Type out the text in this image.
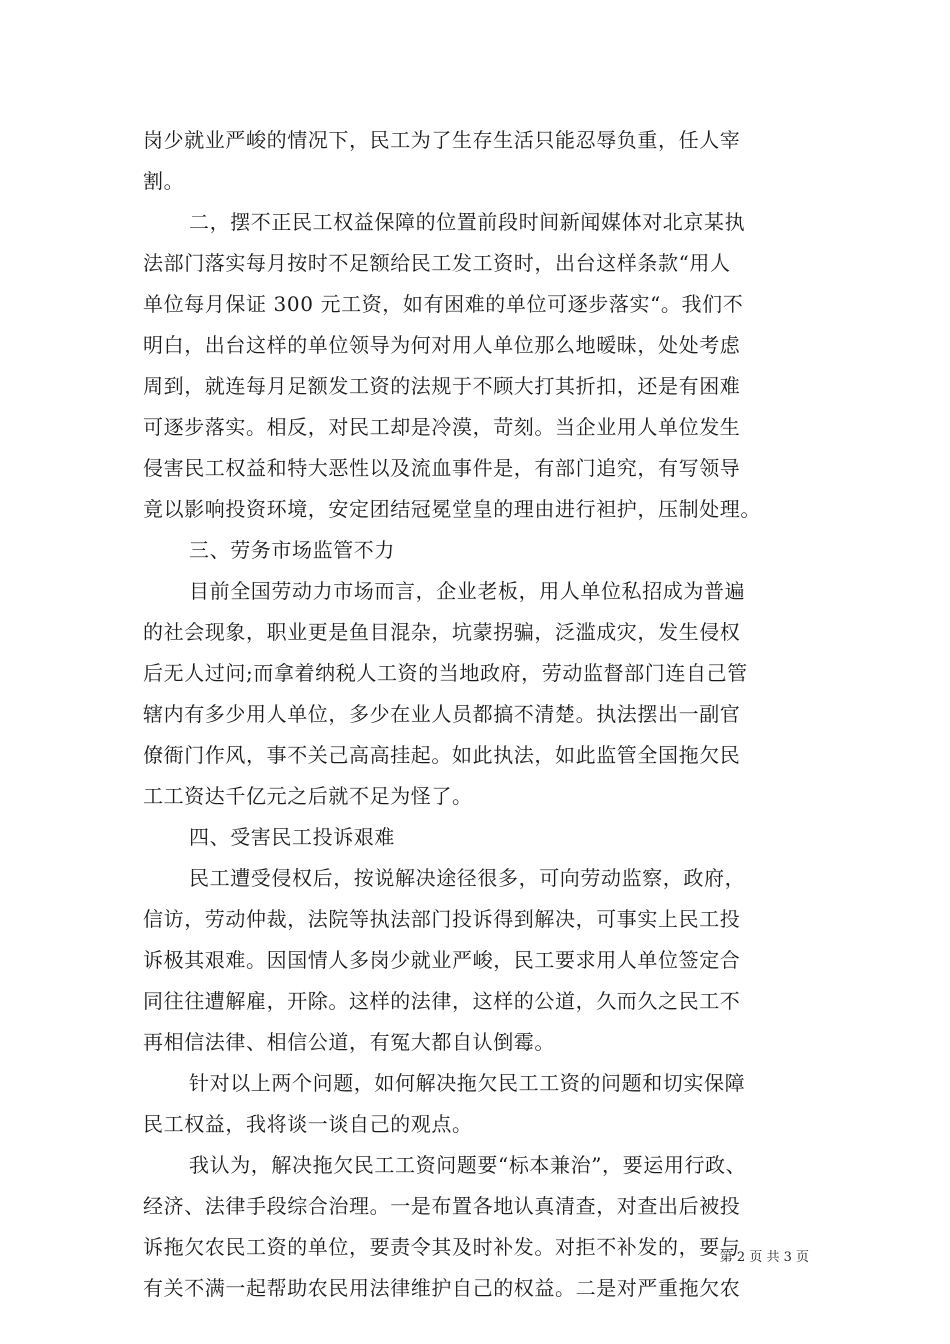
岗少就业严峻的情况下，民工为了生存生活只能忍辱负重，任人宰
割。
二，摆不正民工权益保障的位置前段时间新闻媒体对北京某执
法部门落实每月按时不足额给民工发工资时，出台这样条款“用人
单位每月保证 300 元工资，如有困难的单位可逐步落实“。我们不
明白，出台这样的单位领导为何对用人单位那么地暧昧，处处考虑
周到，就连每月足额发工资的法规于不顾大打其折扣，还是有困难
可逐步落实。相反，对民工却是冷漠，苛刻。当企业用人单位发生
侵害民工权益和特大恶性以及流血事件是，有部门追究，有写领导
竟以影响投资环境，安定团结冠冕堂皇的理由进行袒护，压制处理。
三、劳务市场监管不力
目前全国劳动力市场而言，企业老板，用人单位私招成为普遍
的社会现象，职业更是鱼目混杂，坑蒙拐骗，泛滥成灾，发生侵权
后无人过问;而拿着纳税人工资的当地政府，劳动监督部门连自己管
辖内有多少用人单位，多少在业人员都搞不清楚。执法摆出一副官
僚衙门作风，事不关己高高挂起。如此执法，如此监管全国拖欠民
工工资达千亿元之后就不足为怪了。
四、受害民工投诉艰难
民工遭受侵权后，按说解决途径很多，可向劳动监察，政府，
信访，劳动仲裁，法院等执法部门投诉得到解决，可事实上民工投
诉极其艰难。因国情人多岗少就业严峻，民工要求用人单位签定合
同往往遭解雇，开除。这样的法律，这样的公道，久而久之民工不
再相信法律、相信公道，有冤大都自认倒霉。
针对以上两个问题，如何解决拖欠民工工资的问题和切实保障
民工权益，我将谈一谈自己的观点。
我认为，解决拖欠民工工资问题要“标本兼治”，要运用行政、
经济、法律手段综合治理。一是布置各地认真清查，对查出后被投
诉拖欠农民工资的单位，要责令其及时补发。对拒不补发的，要与
有关不满一起帮助农民用法律维护自己的权益。二是对严重拖欠农
第 2 页 共 3 页
